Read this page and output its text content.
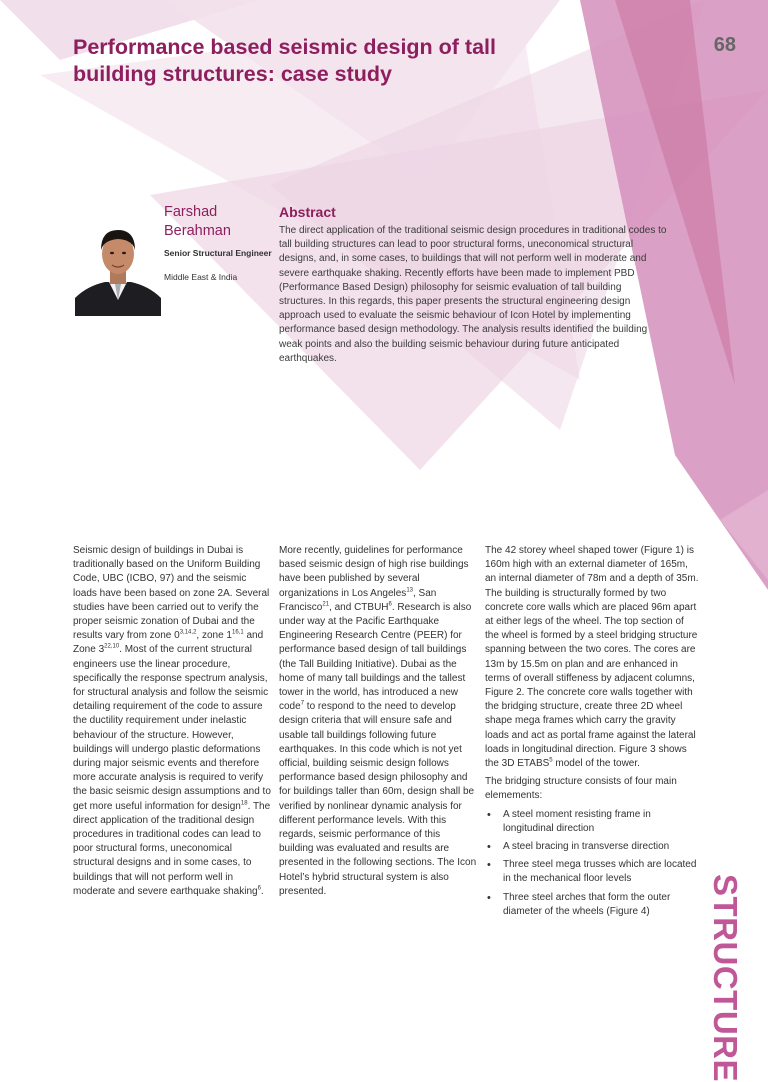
Performance based seismic design of tall building structures: case study
68
Farshad Berahman
Senior Structural Engineer
Middle East & India
Abstract

The direct application of the traditional seismic design procedures in traditional codes to tall building structures can lead to poor structural forms, uneconomical structural designs, and, in some cases, to buildings that will not perform well in moderate and severe earthquake shaking. Recently efforts have been made to implement PBD (Performance Based Design) philosophy for seismic evaluation of tall building structures. In this regards, this paper presents the structural engineering design approach used to evaluate the seismic behaviour of Icon Hotel by implementing performance based design methodology. The analysis results identified the building weak points and also the building seismic behaviour during future anticipated earthquakes.

Seismic design of buildings in Dubai is traditionally based on the Uniform Building Code, UBC (ICBO, 97) and the seismic loads have been based on zone 2A. Several studies have been carried out to verify the proper seismic zonation of Dubai and the results vary from zone 0$^{3,14,2}$, zone 1$^{16,1}$ and Zone 3$^{22,10}$. Most of the current structural engineers use the linear procedure, specifically the response spectrum analysis, for structural analysis and follow the seismic detailing requirement of the code to assure the ductility requirement under inelastic behaviour of the structure. However, buildings will undergo plastic deformations during major seismic events and therefore more accurate analysis is required to verify the basic seismic design assumptions and to get more useful information for design$^{18}$. The direct application of the traditional design procedures in traditional codes can lead to poor structural forms, uneconomical structural designs and in some cases, to buildings that will not perform well in moderate and severe earthquake shaking$^6$.

More recently, guidelines for performance based seismic design of high rise buildings have been published by several organizations in Los Angeles$^{13}$, San Francisco$^{21}$, and CTBUH$^6$. Research is also under way at the Pacific Earthquake Engineering Research Centre (PEER) for performance based design of tall buildings (the Tall Building Initiative). Dubai as the home of many tall buildings and the tallest tower in the world, has introduced a new code$^7$ to respond to the need to develop design criteria that will ensure safe and usable tall buildings following future earthquakes. In this code which is not yet official, building seismic design follows performance based design philosophy and for buildings taller than 60m, design shall be verified by nonlinear dynamic analysis for different performance levels. With this regards, seismic performance of this building was evaluated and results are presented in the following sections. The Icon Hotel’s hybrid structural system is also presented.

The 42 storey wheel shaped tower (Figure 1) is 160m high with an external diameter of 165m, an internal diameter of 78m and a depth of 35m. The building is structurally formed by two concrete core walls which are placed 96m apart at either legs of the wheel. The top section of the wheel is formed by a steel bridging structure spanning between the two cores. The cores are 13m by 15.5m on plan and are enhanced in terms of overall stiffeness by adjacent columns, Figure 2. The concrete core walls together with the bridging structure, create three 2D wheel shape mega frames which carry the gravity loads and act as portal frame against the lateral loads in longitudinal direction. Figure 3 shows the 3D ETABS$^5$ model of the tower.

The bridging structure consists of four main elemements:

• A steel moment resisting frame in longitudinal direction
• A steel bracing in transverse direction
• Three steel mega trusses which are located in the mechanical floor levels
• Three steel arches that form the outer diameter of the wheels (Figure 4)	STRUCTURE
